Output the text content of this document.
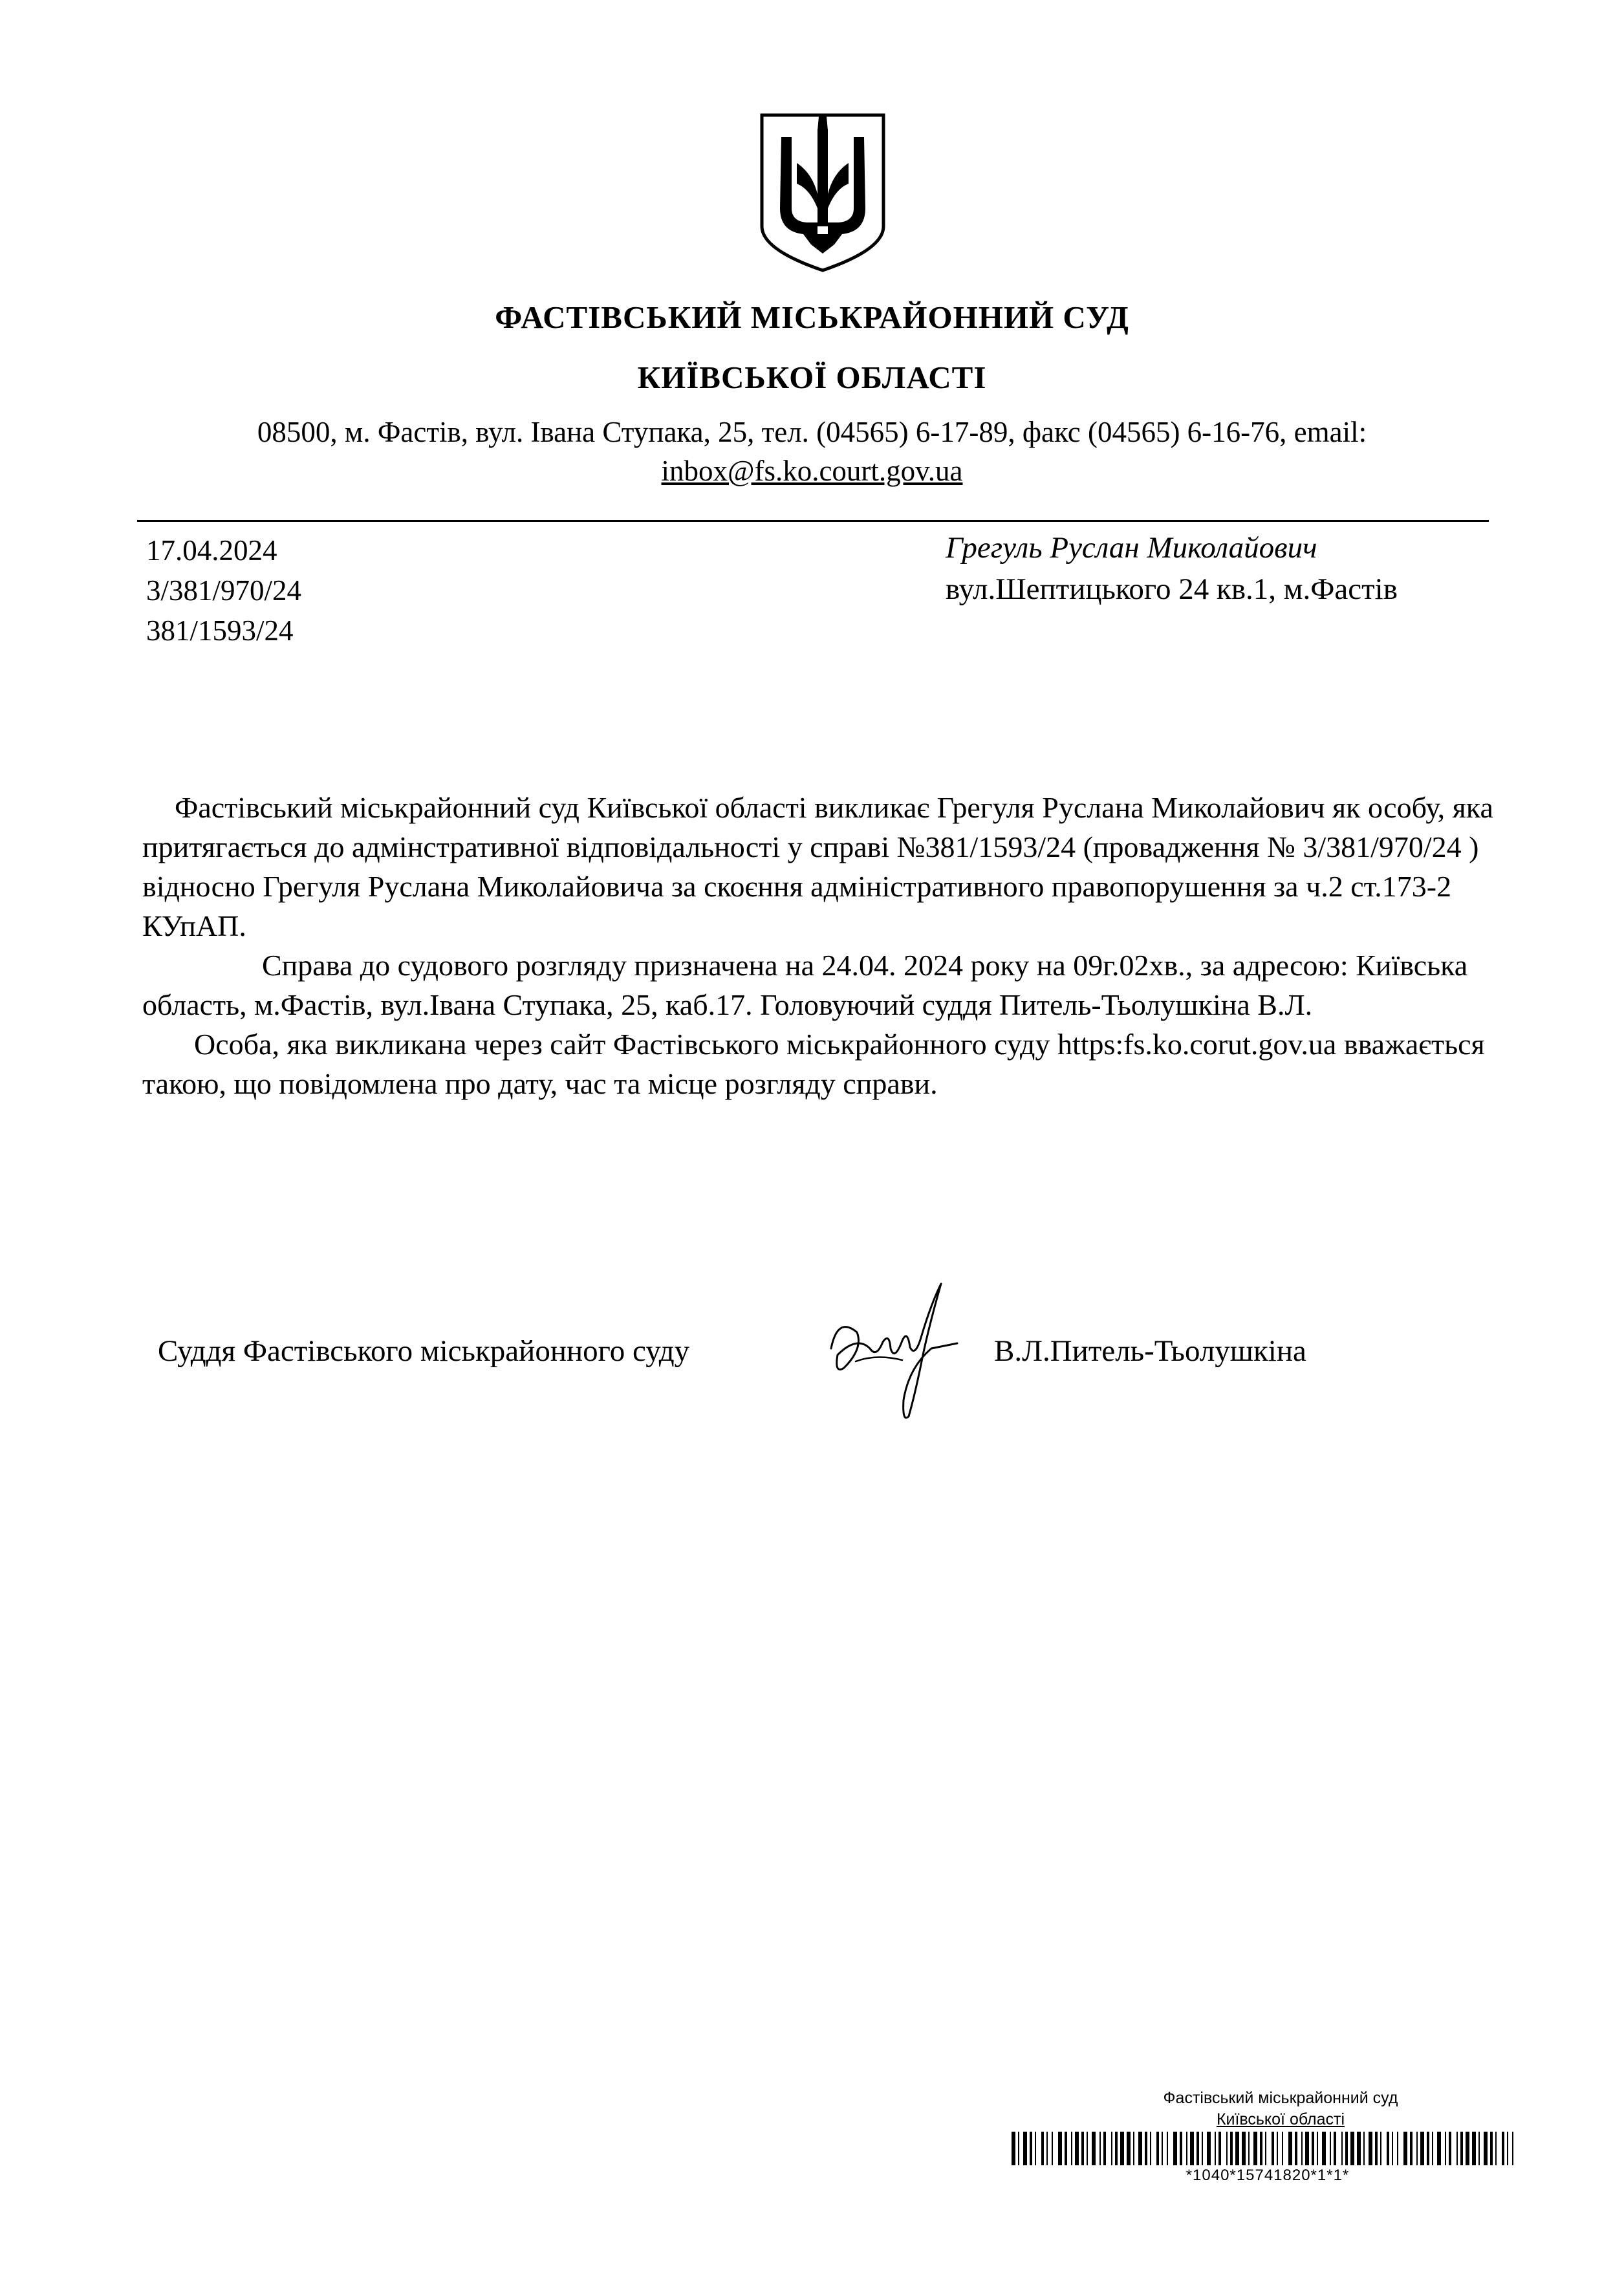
ФАСТІВСЬКИЙ МІСЬКРАЙОННИЙ СУД
КИЇВСЬКОЇ ОБЛАСТІ
08500, м. Фастів, вул. Івана Ступака, 25, тел. (04565) 6-17-89, факс (04565) 6-16-76, email:
inbox@fs.ko.court.gov.ua
17.04.2024
3/381/970/24
381/1593/24
Грегуль Руслан Миколайович
вул.Шептицького 24 кв.1, м.Фастів

Фастівський міськрайонний суд Київської області викликає Грегуля Руслана Миколайович як особу, яка притягається до адмінстративної відповідальності у справі №381/1593/24 (провадження № 3/381/970/24 ) відносно Грегуля Руслана Миколайовича за скоєння адміністративного правопорушення за ч.2 ст.173-2 КУпАП.

Справа до судового розгляду призначена на 24.04. 2024 року на 09г.02хв., за адресою: Київська область, м.Фастів, вул.Івана Ступака, 25, каб.17. Головуючий суддя Питель-Тьолушкіна В.Л.

Особа, яка викликана через сайт Фастівського міськрайонного суду https:fs.ko.corut.gov.ua вважається такою, що повідомлена про дату, час та місце розгляду справи.

Суддя Фастівського міськрайонного суду	В.Л.Питель-Тьолушкіна
Фастівський міськрайонний суд
Київської області
*1040*15741820*1*1*
